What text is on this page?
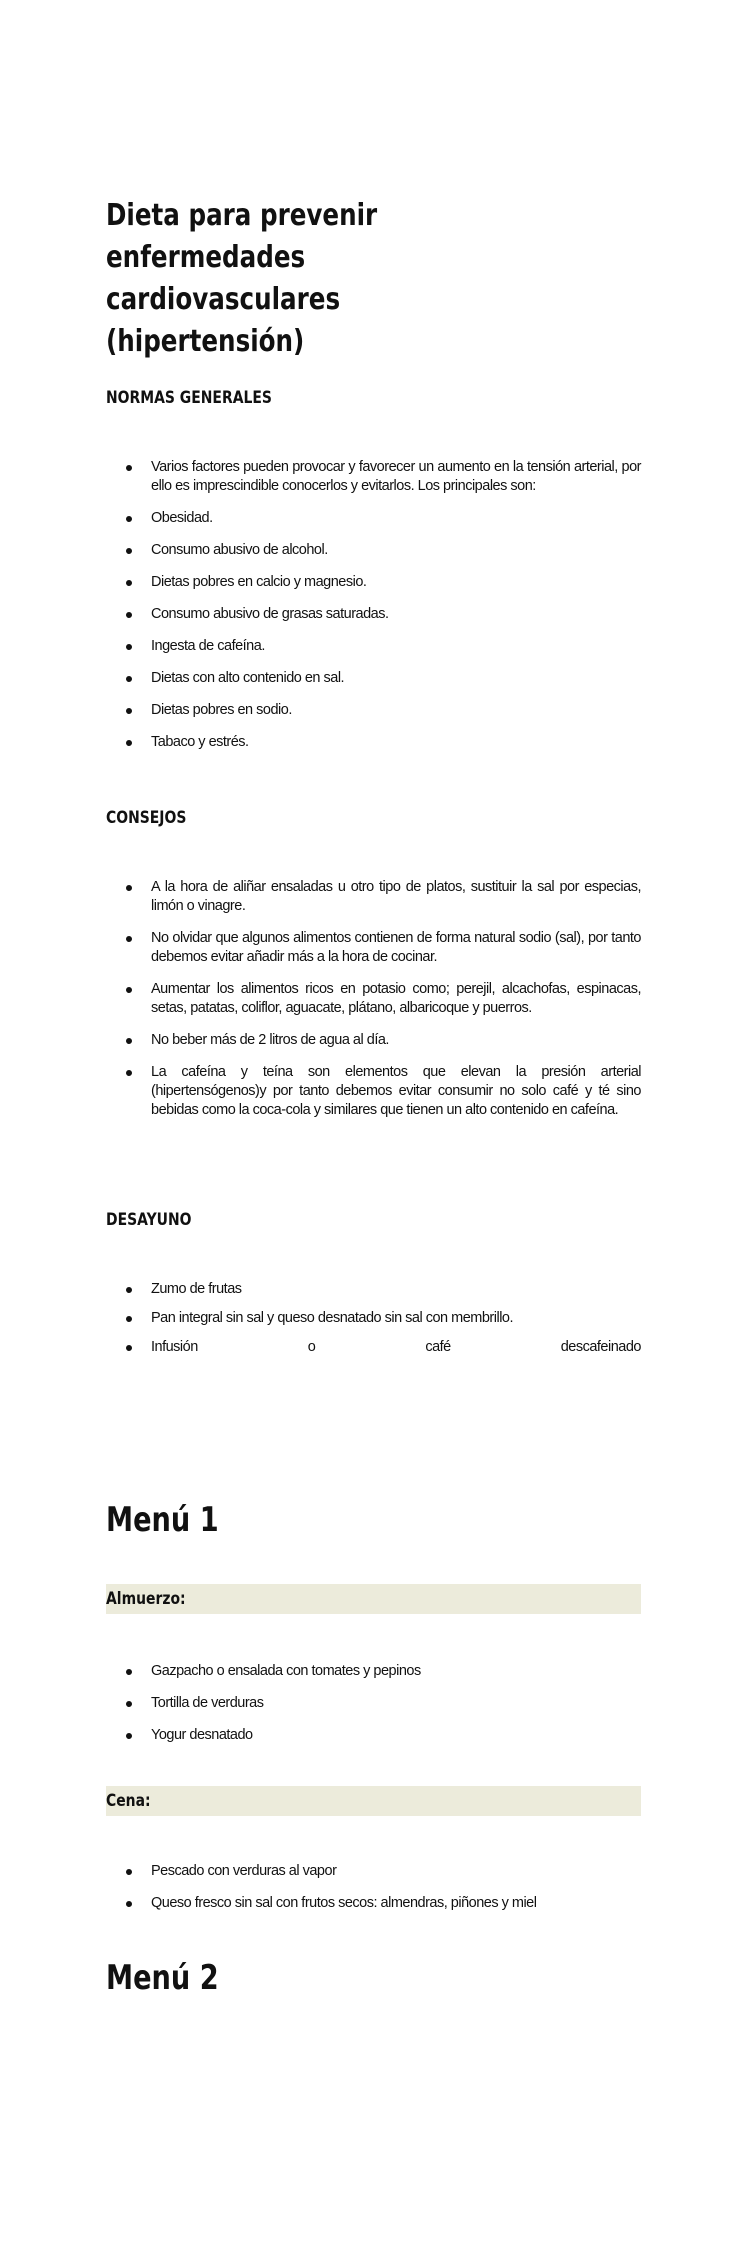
Dieta para prevenir enfermedades
cardiovasculares (hipertensión)
NORMAS GENERALES
Varios factores pueden provocar y favorecer un aumento en la tensión arterial, por ello es imprescindible conocerlos y evitarlos. Los principales son:
Obesidad.
Consumo abusivo de alcohol.
Dietas pobres en calcio y magnesio.
Consumo abusivo de grasas saturadas.
Ingesta de cafeína.
Dietas con alto contenido en sal.
Dietas pobres en sodio.
Tabaco y estrés.
CONSEJOS
A la hora de aliñar ensaladas u otro tipo de platos, sustituir la sal por especias, limón o vinagre.
No olvidar que algunos alimentos contienen de forma natural sodio (sal), por tanto debemos evitar añadir más a la hora de cocinar.
Aumentar los alimentos ricos en potasio como; perejil, alcachofas, espinacas, setas, patatas, coliflor, aguacate, plátano, albaricoque y puerros.
No beber más de 2 litros de agua al día.
La cafeína y teína son elementos que elevan la presión arterial (hipertensógenos)y por tanto debemos evitar consumir no solo café y té sino bebidas como la coca-cola y similares que tienen un alto contenido en cafeína.
DESAYUNO
Zumo de frutas
Pan integral sin sal y queso desnatado sin sal con membrillo.
Infusión	o	café	descafeinado
Menú 1
Almuerzo:
Gazpacho o ensalada con tomates y pepinos
Tortilla de verduras
Yogur desnatado
Cena:
Pescado con verduras al vapor
Queso fresco sin sal con frutos secos: almendras, piñones y miel
Menú 2
